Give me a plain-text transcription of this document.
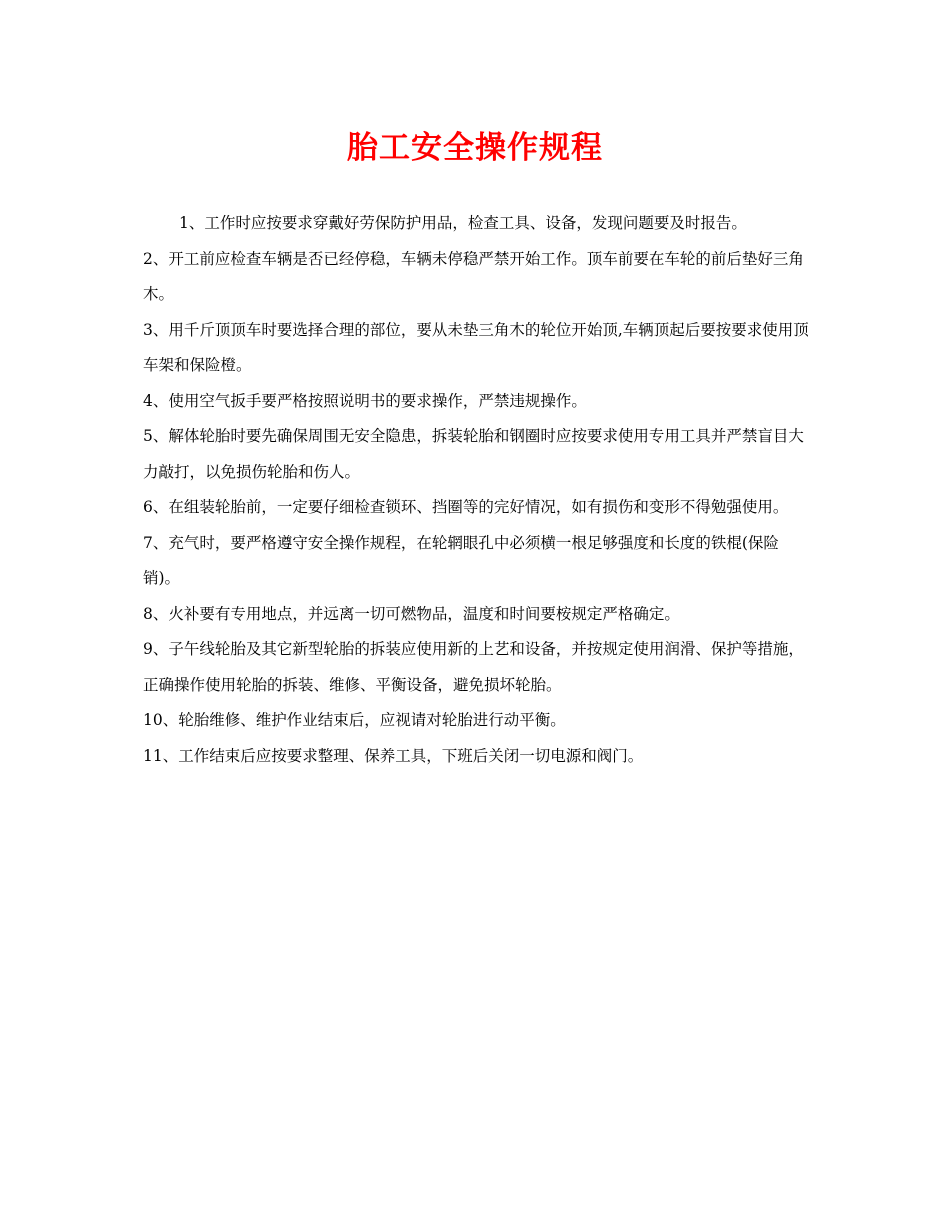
胎工安全操作规程

1、工作时应按要求穿戴好劳保防护用品，检查工具、设备，发现问题要及时报告。

2、开工前应检查车辆是否已经停稳，车辆未停稳严禁开始工作。顶车前要在车轮的前后垫好三角木。

3、用千斤顶顶车时要选择合理的部位，要从未垫三角木的轮位开始顶,车辆顶起后要按要求使用顶车架和保险橙。

4、使用空气扳手要严格按照说明书的要求操作，严禁违规操作。

5、解体轮胎时要先确保周围无安全隐患，拆装轮胎和钢圈时应按要求使用专用工具并严禁盲目大力敲打，以免损伤轮胎和伤人。

6、在组装轮胎前，一定要仔细检查锁环、挡圈等的完好情况，如有损伤和变形不得勉强使用。

7、充气时，要严格遵守安全操作规程，在轮辋眼孔中必须横一根足够强度和长度的铁棍(保险销)。

8、火补要有专用地点，并远离一切可燃物品，温度和时间要桉规定严格确定。

9、子午线轮胎及其它新型轮胎的拆装应使用新的上艺和设备，并按规定使用润滑、保护等措施，正确操作使用轮胎的拆装、维修、平衡设备，避免损坏轮胎。

10、轮胎维修、维护作业结束后，应视请对轮胎进行动平衡。

11、工作结束后应按要求整理、保养工具，下班后关闭一切电源和阀门。
